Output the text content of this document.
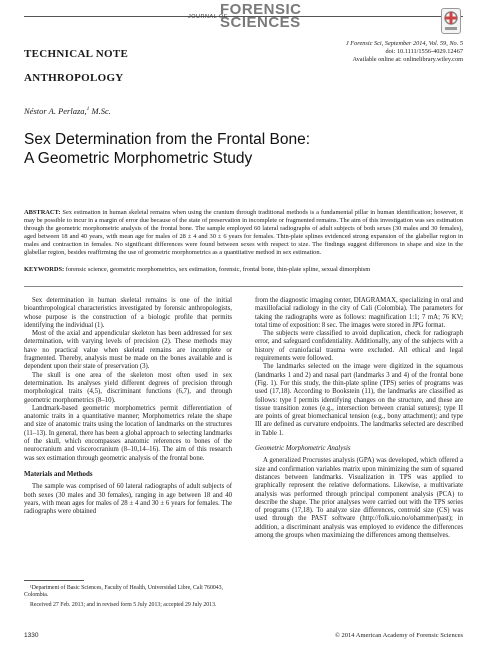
JOURNAL OF
FORENSIC
SCIENCES
TECHNICAL NOTE
ANTHROPOLOGY
J Forensic Sci, September 2014, Vol. 59, No. 5
doi: 10.1111/1556-4029.12467
Available online at: onlinelibrary.wiley.com
Néstor A. Perlaza,$^1$ M.Sc.
Sex Determination from the Frontal Bone:
A Geometric Morphometric Study
ABSTRACT: Sex estimation in human skeletal remains when using the cranium through traditional methods is a fundamental pillar in human identification; however, it may be possible to incur in a margin of error due because of the state of preservation in incomplete or fragmented remains. The aim of this investigation was sex estimation through the geometric morphometric analysis of the frontal bone. The sample employed 60 lateral radiographs of adult subjects of both sexes (30 males and 30 females), aged between 18 and 40 years, with mean age for males of 28 ± 4 and 30 ± 6 years for females. Thin-plate splines evidenced strong expansion of the glabellar region in males and contraction in females. No significant differences were found between sexes with respect to size. The findings suggest differences in shape and size in the glabellar region, besides reaffirming the use of geometric morphometrics as a quantitative method in sex estimation.
KEYWORDS: forensic science, geometric morphometrics, sex estimation, forensic, frontal bone, thin-plate spline, sexual dimorphism

Sex determination in human skeletal remains is one of the initial bioanthropological characteristics investigated by forensic anthropologists, whose purpose is the construction of a biologic profile that permits identifying the individual (1).

Most of the axial and appendicular skeleton has been addressed for sex determination, with varying levels of precision (2). These methods may have no practical value when skeletal remains are incomplete or fragmented. Thereby, analysis must be made on the bones available and is dependent upon their state of preservation (3).

The skull is one area of the skeleton most often used in sex determination. Its analyses yield different degrees of precision through morphological traits (4,5), discriminant functions (6,7), and through geometric morphometrics (8–10).

Landmark-based geometric morphometrics permit differentiation of anatomic traits in a quantitative manner; Morphometrics relate the shape and size of anatomic traits using the location of landmarks on the structures (11–13). In general, there has been a global approach to selecting landmarks of the skull, which encompasses anatomic references to bones of the neurocranium and viscerocranium (8–10,14–16). The aim of this research was sex estimation through geometric analysis of the frontal bone.

Materials and Methods

The sample was comprised of 60 lateral radiographs of adult subjects of both sexes (30 males and 30 females), ranging in age between 18 and 40 years, with mean ages for males of 28 ± 4 and 30 ± 6 years for females. The radiographs were obtained

from the diagnostic imaging center, DIAGRAMAX, specializing in oral and maxillofacial radiology in the city of Cali (Colombia). The parameters for taking the radiographs were as follows: magnification 1:1; 7 mA; 76 KV; total time of exposition: 8 sec. The images were stored in JPG format.

The subjects were classified to avoid duplication, check for radiograph error, and safeguard confidentiality. Additionally, any of the subjects with a history of craniofacial trauma were excluded. All ethical and legal requirements were followed.

The landmarks selected on the image were digitized in the squamous (landmarks 1 and 2) and nasal part (landmarks 3 and 4) of the frontal bone (Fig. 1). For this study, the thin-plate spline (TPS) series of programs was used (17,18). According to Bookstein (11), the landmarks are classified as follows: type I permits identifying changes on the structure, and these are tissue transition zones (e.g., intersection between cranial sutures); type II are points of great biomechanical tension (e.g., bony attachment); and type III are defined as curvature endpoints. The landmarks selected are described in Table 1.

Geometric Morphometric Analysis

A generalized Procrustes analysis (GPA) was developed, which offered a size and confirmation variables matrix upon minimizing the sum of squared distances between landmarks. Visualization in TPS was applied to graphically represent the relative deformations. Likewise, a multivariate analysis was performed through principal component analysis (PCA) to describe the shape. The prior analyses were carried out with the TPS series of programs (17,18). To analyze size differences, centroid size (CS) was used through the PAST software (http://folk.uio.no/ohammer/past); in addition, a discriminant analysis was employed to evidence the differences among the groups when maximizing the differences among themselves.

¹Department of Basic Sciences, Faculty of Health, Universidad Libre, Cali 760043, Colombia.

Received 27 Feb. 2013; and in revised form 5 July 2013; accepted 29 July 2013.

1330	© 2014 American Academy of Forensic Sciences
